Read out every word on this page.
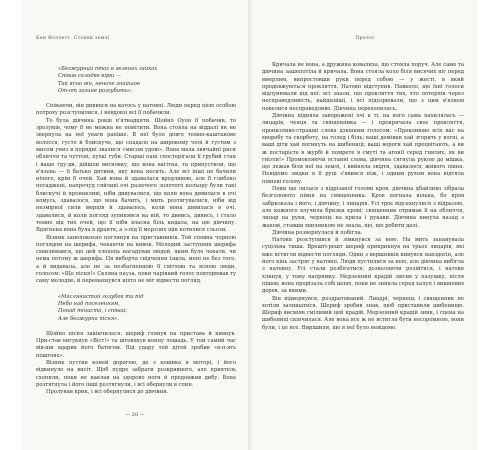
Кен Фоллетт. Стовпи землі
«Безжурний птах в зелених гайках
Співав солодке вірш —
Так ясно він, неначе знайшов
От-от загине розгубить».

Співаючи, він дивився на когось у натовпі. Люди перед цією особою потроху розступилися, і невдовзі всі її побачили.

То була дівчина років п'ятнадцяти. Щойно Оуен її побачив, то зрозумів, чому її не можна не помітити. Вона стояла на віддалі як не звернула на неї уваги раніше. В неї було довге темно-каштанове волосся, густе й блискуче, що спадало на широкому чолі й густим з мисом униз в порядні звалися «мисом удові». Вона мала звичайні риси обличчя та чуттєві, пухкі губи. Старші пані спостерігали її грубий стан і ваше гру-ди, дійшли висновку, що вона вагітна, та припустили, що в'язень — її батько дитини, яку вона носить. Але всі інші не бачили нічого, крім її очей. Хай вона й здавалася вродливою, але її глибоко посаджені, напрочуд сяйливі очі разючого золотого кольору були такі блискучі й проникливі, ніби дивувалися, що коли вона дивилася в очі комусь, здавалося, що вона бачить, і мить розтягувалися, ніби від незмірної сили мерців й здавалось, коли вона дивилася в очі, здавалися, й коли погляд зупинявся на ній, то дивись, дивись, і стало темно від тих очей, що її ніби власна біль кидала, на цю дівчину. Вдягнена вона була в дрантя, а з-під її мерзлих щік котилися сльози.

Візник занепокоєно поглянув на приставників. Той сповна чорною поглядом на шерифа, чекаючи на кивок. Молодий заступник шерифа схвилювався, що цей хлопець нагадував людей, яким було чекати, чи нема потому ж шерифа. Ця виборча свідчення ізшла, мені не без того, а й видавала, але не за незбагненною її світлою та ясною люди, голосом: «Ще пісня!» Скляна пауза, поки чарівний голос повторював ту саму мелодію, й перемахнувся ніхто не міг відвести погляд.

«Маслянистий голубок ти під
Небо над поселенням,
Понад тіниста, і співай;
Але безжурна пісня».

Щойно пісня закінчилася, шериф глянув на пристава й кивнув. При-став вигукнув «Віст!» та штовхнув конну лошадь. У той самий час вів-ши вдарив його батогом. Від удару той дітей зробив «в-п-ять поштовх».

Візник пустив коней дорогою, де з кошика в моторі, і його відкинуло на висіт. Щоб пудре забрати розкривного, але приятель схопили, поки не наклав на здорово ноги й продовжив дибу. Вона розтягнула і його інші розтягнули, і всі обернули в спин.

Пролунав крик, і всі обернулися до дівчини.

— 20 —
Пролог

Кричала не вона, а дружина ковалиха, що стояла поруч. Але саме та дівчина зашепотіла й кричала. Вона стояла коло біля висячих ніг перед вмерлим, випростовши руки перед собою — у жесті, в який продовжуються прокляття. Натовп відступив. Навколо, що їхні голоси відлунювали від неї: всі знали, що прокляття тих, хто потерпів через несправедливість, найдієвіші, і всі підозрювали, що з цим в'язнем повелися несправедливо. Дівчина перехопилась.

Дівчина підняла заворожені очі в ті, на кого сама нахилялась — лицарів, ченця та священника — і прокричала своє прокляття, пронизливо-страшні слова дзвінким голосом: «Проклинаю всіх вас на хворобу та скорботу, на голод і біль; ваші домівки хай згорить у вогні, а ваші діти хай погинуть на шибениці; ваші вороги хай процвітають, а ви ж постарієте в журбі й помрете в смуті та агонії серед гнилих, як ви гнізти!» Промовляючи останні слова, дівчина сягнула рукою до мішка, що лежав біля неї на землі, і вийняла звідти, здавалося, живого півня. Невідомо звідки в її руці з'явився ніж, і одним рухом вона відтяла півневі голову.

Поки ще лилася з відрізаної голови кров, дівчина дбайливо зібрала безголового півня на священника. Кров погнала вільна, бо кров забризкала і його, і дівчину, і лицарів. Усі троє відсахнулися з відразою, але кожного влучила бризки крові: священник отримав її на обличчя, лицар на руки, чернець на крила і рукави. Дівчина кинула назад з жахом, ставши хвилинкою не знала, що, що робити далі.

Дівчина розвернулася й побігла.

Натовп розступився й зімкнувся за нею. На мить запанувала суцільна тиша. Врешті-решт шериф прикрикнув на трьох лицарів, які вже встигли відвести погляди. Один з вершників кинувся навздогін, але його кінь застряг у натовпі. Люди пустилися за нею, але дівчина вибігла з натовпу. Усі стали розбігатися, дозволяючи розійтися, і натовп хлинув, у тому напрямку. Мерзенний крадій звісив у пазушку, після пішов; вона прорізала собі шлях, поки не зникла серед халуп і вишневих дерев, за якими.

Він відвернувся, роздратований. Лицарі, чернець і священник не хотіли залишатися. Шериф зробив знак, щоб приставили шибеницю. Шериф висміяв сміливий цей крадій. Мерзенний крадій зник, і сцена на шибениці скінчилася. Але вона все ж не встигла бути несоромною, вони були, і це все. Вирішили, що в неї було невідоме.
